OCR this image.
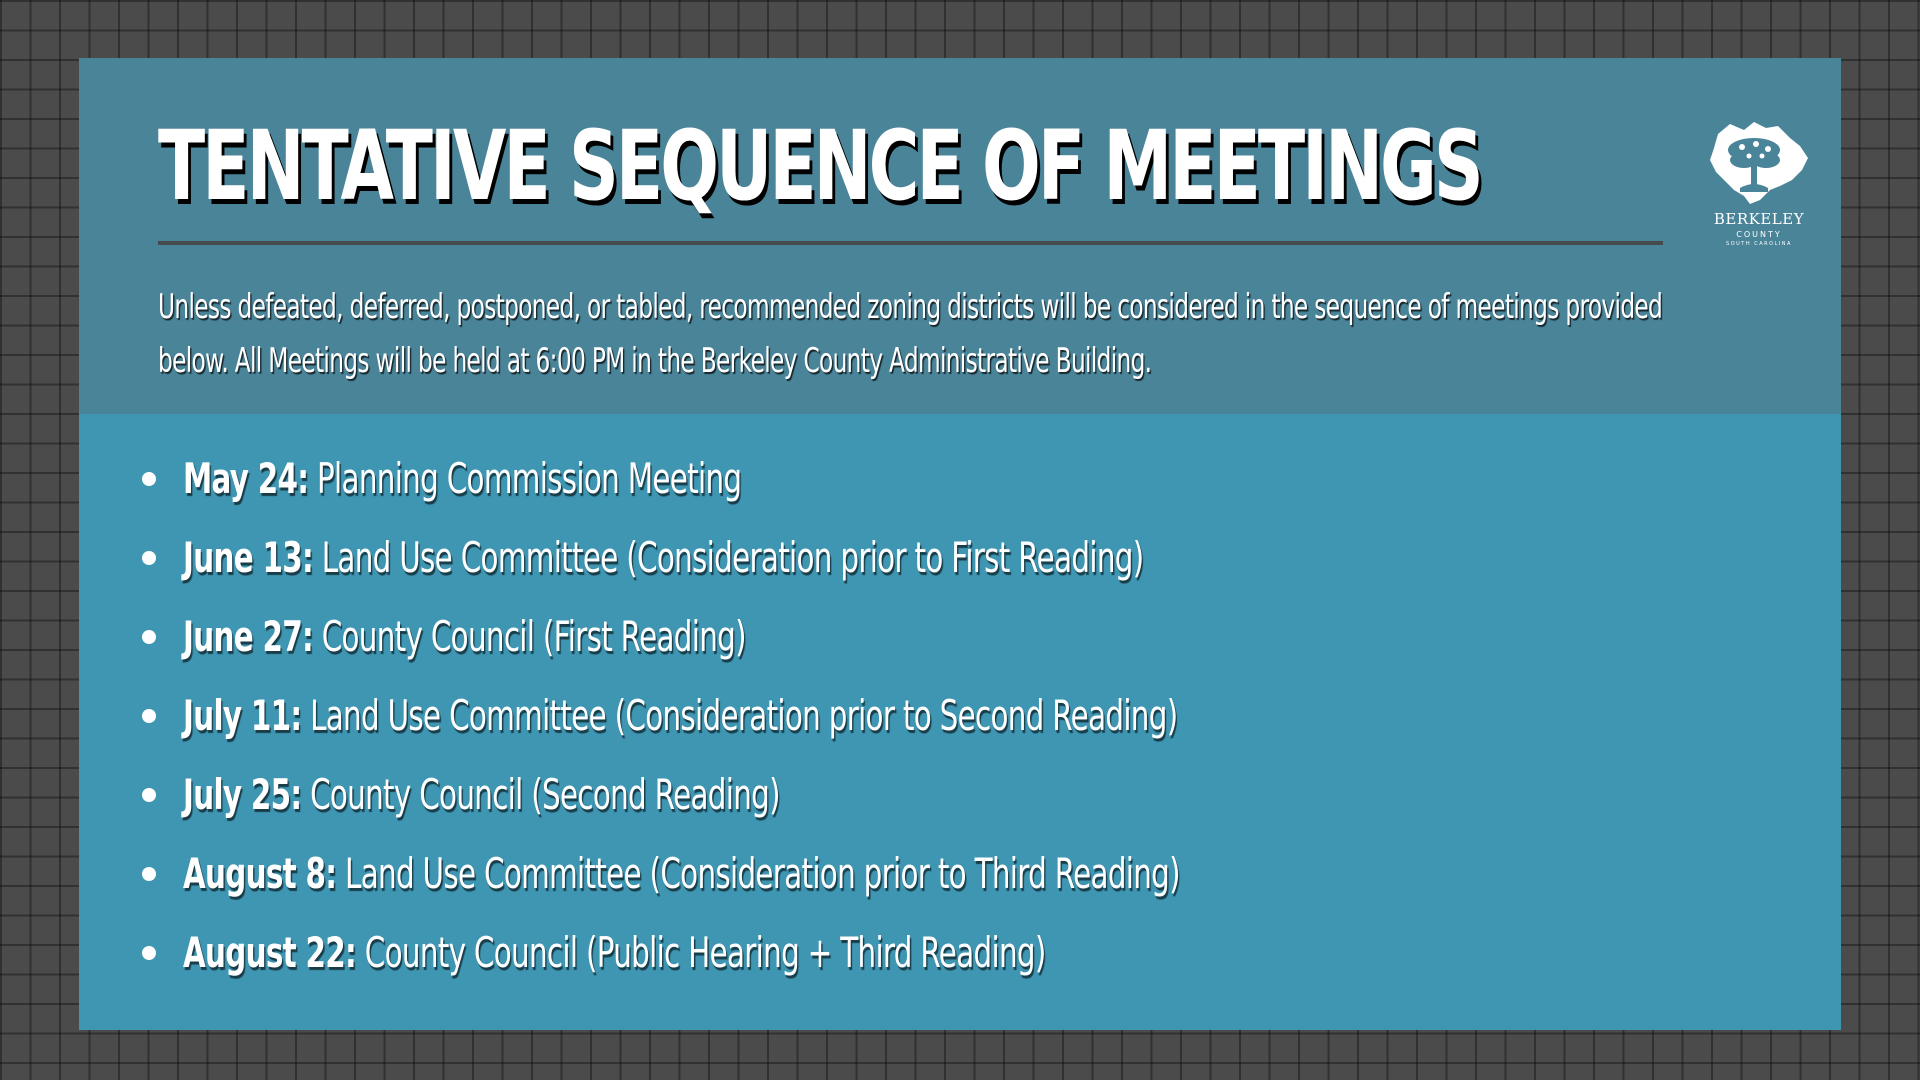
TENTATIVE SEQUENCE OF MEETINGS

Unless defeated, deferred, postponed, or tabled, recommended zoning districts will be considered in the sequence of meetings provided below. All Meetings will be held at 6:00 PM in the Berkeley County Administrative Building.

BERKELEY
COUNTY
SOUTH CAROLINA
May 24: Planning Commission Meeting
June 13: Land Use Committee (Consideration prior to First Reading)
June 27: County Council (First Reading)
July 11: Land Use Committee (Consideration prior to Second Reading)
July 25: County Council (Second Reading)
August 8: Land Use Committee (Consideration prior to Third Reading)
August 22: County Council (Public Hearing + Third Reading)
